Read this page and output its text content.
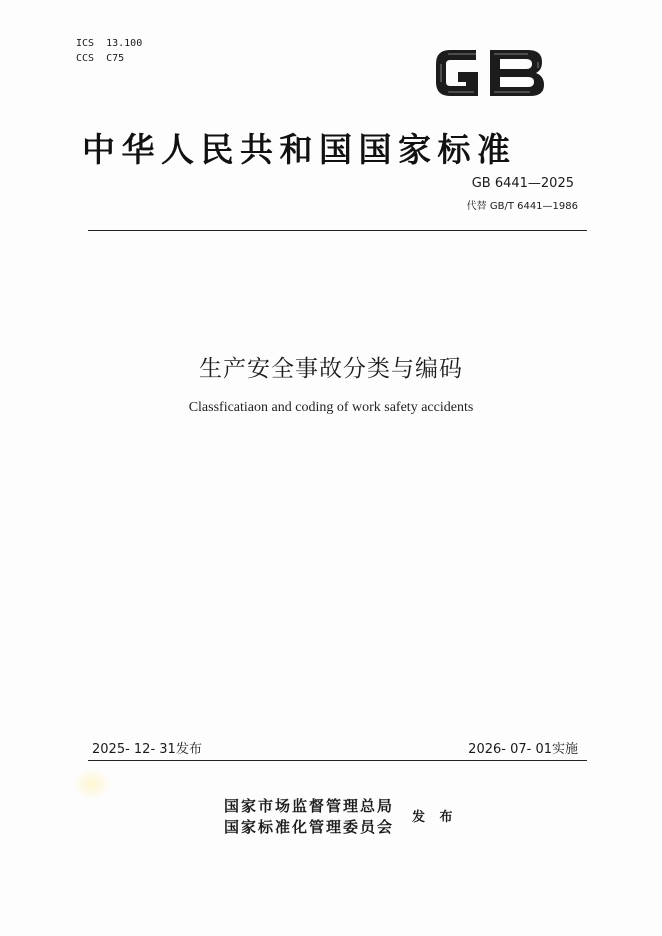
ICS  13.100
CCS  C75
中华人民共和国国家标准
GB 6441—2025
代替 GB/T 6441—1986
生产安全事故分类与编码
Classficatiaon and coding of work safety accidents
2025- 12- 31发布	2026- 07- 01实施
国家市场监督管理总局
国家标准化管理委员会
发 布
